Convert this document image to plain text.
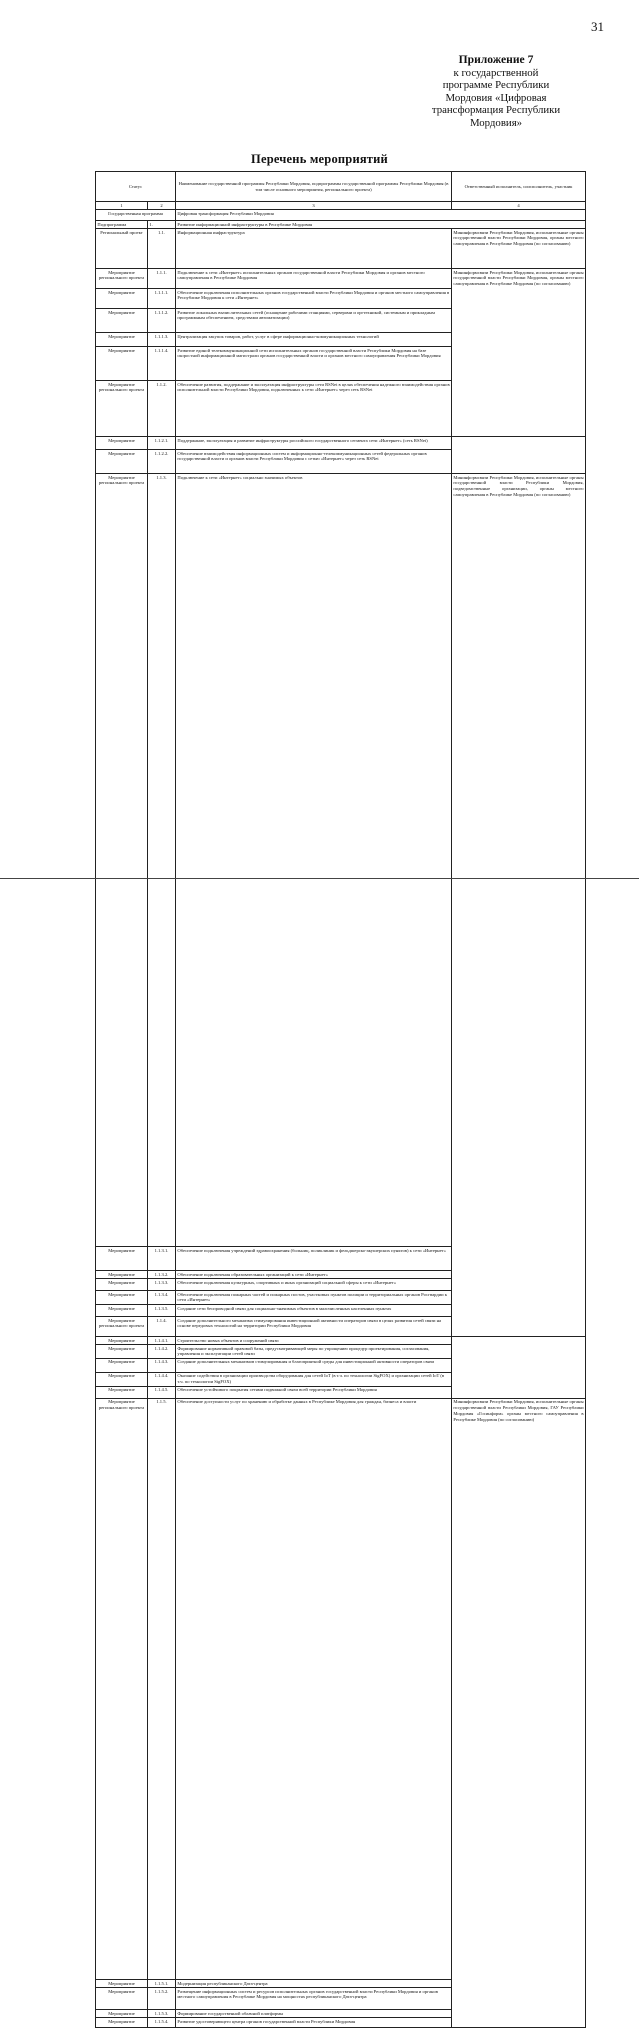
31
Приложение 7
к государственной
программе Республики
Мордовия «Цифровая
трансформация Республики
Мордовия»
Перечень мероприятий
Статус		Наименование государственной программы Республики Мордовия, подпрограммы государственной программы Республики Мордовия (в том числе основного мероприятия, регионального проекта)	Ответственный исполнитель, соисполнитель, участник	
1	2	3	4	
Государственная программа		Цифровая трансформация Республики Мордовия		
Подпрограмма	1.	Развитие информационной инфраструктуры в Республике Мордовия		
Региональный проект	1.1.	Информационная инфраструктура	Мининформсвязи Республики Мордовия, исполнительные органы государственной власти Республики Мордовия, органы местного самоуправления в Республике Мордовия (по согласованию)	
Мероприятие регионального проекта	1.1.1.	Подключение к сети «Интернет» исполнительных органов государственной власти Республики Мордовия и органов местного самоуправления в Республике Мордовия	Мининформсвязи Республики Мордовия, исполнительные органы государственной власти Республики Мордовия, органы местного самоуправления в Республике Мордовия (по согласованию)	
Мероприятие	1.1.1.1.	Обеспечение подключения исполнительных органов государственной власти Республики Мордовия и органов местного самоуправления в Республике Мордовия к сети «Интернет»		
Мероприятие	1.1.1.2.	Развитие локальных вычислительных сетей (оснащение рабочими станциями, серверами и оргтехникой, системным и прикладным программным обеспечением, средствами автоматизации)		
Мероприятие	1.1.1.3.	Централизация закупок товаров, работ, услуг в сфере информационно-коммуникационных технологий		
Мероприятие	1.1.1.4.	Развитие единой телекоммуникационной сети исполнительных органов государственной власти Республики Мордовия на базе скоростной информационной магистрали органов государственной власти и органов местного самоуправления Республики Мордовия		
Мероприятие регионального проекта	1.1.2.	Обеспечение развития, поддержание и эксплуатация инфраструктуры сети RSNet в целях обеспечения надежного взаимодействия органов исполнительной власти Республики Мордовия, подключенных к сети «Интернет» через сеть RSNet	
Мероприятие	1.1.2.1.	Поддержание, эксплуатация и развитие инфраструктуры российского государственного сегмента сети «Интернет» (сеть RSNet)		
Мероприятие	1.1.2.2.	Обеспечение взаимодействия информационных систем и информационно-телекоммуникационных сетей федеральных органов государственной власти и органов власти Республики Мордовия с сетью «Интернет» через сеть RSNet		
Мероприятие регионального проекта	1.1.3.	Подключение к сети «Интернет» социально значимых объектов	Мининформсвязи Республики Мордовия, исполнительные органы государственной власти Республики Мордовия, подведомственные организации, органы местного самоуправления в Республике Мордовия (по согласованию)	
Мероприятие	1.1.3.1.	Обеспечение подключения учреждений здравоохранения (больниц, поликлиник и фельдшерско-акушерских пунктов) к сети «Интернет»		
Мероприятие	1.1.3.2.	Обеспечение подключения образовательных организаций к сети «Интернет»		
Мероприятие	1.1.3.3.	Обеспечение подключения культурных, спортивных и иных организаций социальной сферы к сети «Интернет»		
Мероприятие	1.1.3.4.	Обеспечение подключения пожарных частей и пожарных постов, участковых пунктов полиции и территориальных органов Росгвардии к сети «Интернет»		
Мероприятие	1.1.3.5.	Создание сети беспроводной связи для социально-значимых объектов в малочисленных населенных пунктах		
Мероприятие регионального проекта	1.1.4.	Создание дополнительного механизма стимулирования инвестиционной активности операторов связи в целях развития сетей связи на основе передовых технологий на территории Республики Мордовия	
Мероприятие	1.1.4.1.	Строительство новых объектов и сооружений связи		
Мероприятие	1.1.4.2.	Формирование нормативной правовой базы, предусматривающей меры по упрощению процедур проектирования, согласования, управления и эксплуатации сетей связи		
Мероприятие	1.1.4.3.	Создание дополнительных механизмов стимулирования и благоприятной среды для инвестиционной активности операторов связи		
Мероприятие	1.1.4.4.	Оказание содействия в организации производства оборудования для сетей IoT (в т.ч. по технологии SigFOX) и организации сетей IoT (в т.ч. по технологии SigFOX)		
Мероприятие	1.1.4.5.	Обеспечение устойчивого покрытия сетями подвижной связи всей территории Республики Мордовия		
Мероприятие регионального проекта	1.1.5.	Обеспечение доступности услуг по хранению и обработке данных в Республике Мордовия для граждан, бизнеса и власти	Мининформсвязи Республики Мордовия, исполнительные органы государственной власти Республики Мордовия, ГАУ Республики Мордовия «Госинформ» органы местного самоуправления в Республике Мордовия (по согласованию)	
Мероприятие	1.1.5.1.	Модернизация республиканского Дата-центра		
Мероприятие	1.1.5.2.	Размещение информационных систем и ресурсов исполнительных органов государственной власти Республики Мордовия и органов местного самоуправления в Республике Мордовия на мощностях республиканского Дата-центра		
Мероприятие	1.1.5.3.	Формирование государственной облачной платформы		
Мероприятие	1.1.5.4.	Развитие удостоверяющего центра органов государственной власти Республики Мордовия		
